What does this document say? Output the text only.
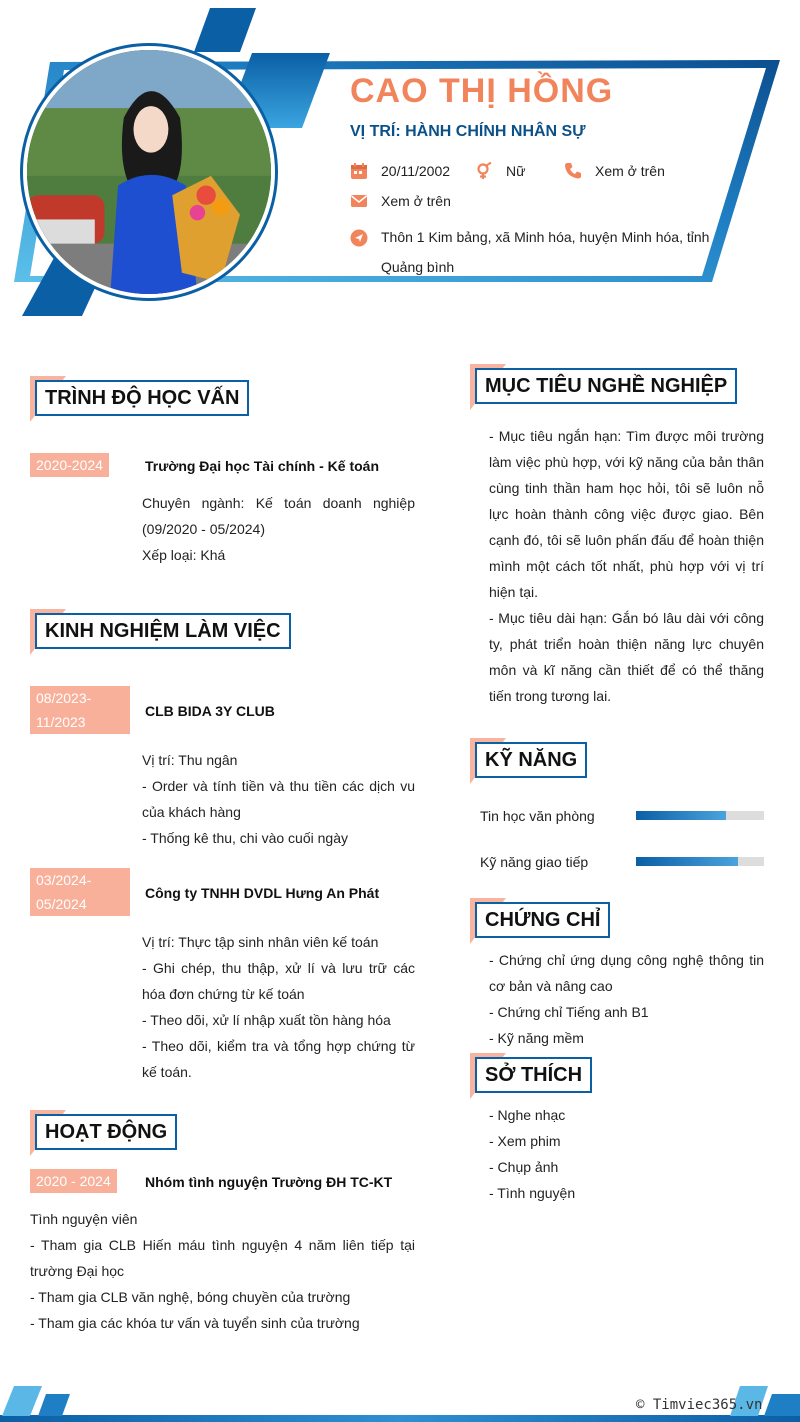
CAO THỊ HỒNG
VỊ TRÍ: HÀNH CHÍNH NHÂN SỰ
20/11/2002	Nữ	Xem ở trên
Xem ở trên
Thôn 1 Kim bảng, xã Minh hóa, huyện Minh hóa, tỉnh Quảng bình
TRÌNH ĐỘ HỌC VẤN
2020-2024	Trường Đại học Tài chính - Kế toán
Chuyên ngành: Kế toán doanh nghiệp (09/2020 - 05/2024)
Xếp loại: Khá
KINH NGHIỆM LÀM VIỆC
08/2023-11/2023
CLB BIDA 3Y CLUB
Vị trí: Thu ngân
- Order và tính tiền và thu tiền các dịch vu của khách hàng
- Thống kê thu, chi vào cuối ngày
03/2024-05/2024
Công ty TNHH DVDL Hưng An Phát
Vị trí: Thực tập sinh nhân viên kế toán
- Ghi chép, thu thập, xử lí và lưu trữ các hóa đơn chứng từ kế toán
- Theo dõi, xử lí nhập xuất tồn hàng hóa
- Theo dõi, kiểm tra và tổng hợp chứng từ kế toán.
HOẠT ĐỘNG
2020 - 2024	Nhóm tình nguyện Trường ĐH TC-KT
Tình nguyện viên
- Tham gia CLB Hiến máu tình nguyện 4 năm liên tiếp tại trường Đại học
- Tham gia CLB văn nghệ, bóng chuyền của trường
- Tham gia các khóa tư vấn và tuyển sinh của trường
MỤC TIÊU NGHỀ NGHIỆP
- Mục tiêu ngắn hạn: Tìm được môi trường làm việc phù hợp, với kỹ năng của bản thân cùng tinh thần ham học hỏi, tôi sẽ luôn nỗ lực hoàn thành công việc được giao. Bên cạnh đó, tôi sẽ luôn phấn đấu để hoàn thiện mình một cách tốt nhất, phù hợp với vị trí hiện tại.
- Mục tiêu dài hạn: Gắn bó lâu dài với công ty, phát triển hoàn thiện năng lực chuyên môn và kĩ năng cần thiết để có thể thăng tiến trong tương lai.
KỸ NĂNG
Tin học văn phòng
Kỹ năng giao tiếp
CHỨNG CHỈ
- Chứng chỉ ứng dụng công nghệ thông tin cơ bản và nâng cao
- Chứng chỉ Tiếng anh B1
- Kỹ năng mềm
SỞ THÍCH
- Nghe nhạc
- Xem phim
- Chụp ảnh
- Tình nguyện
© Timviec365.vn
